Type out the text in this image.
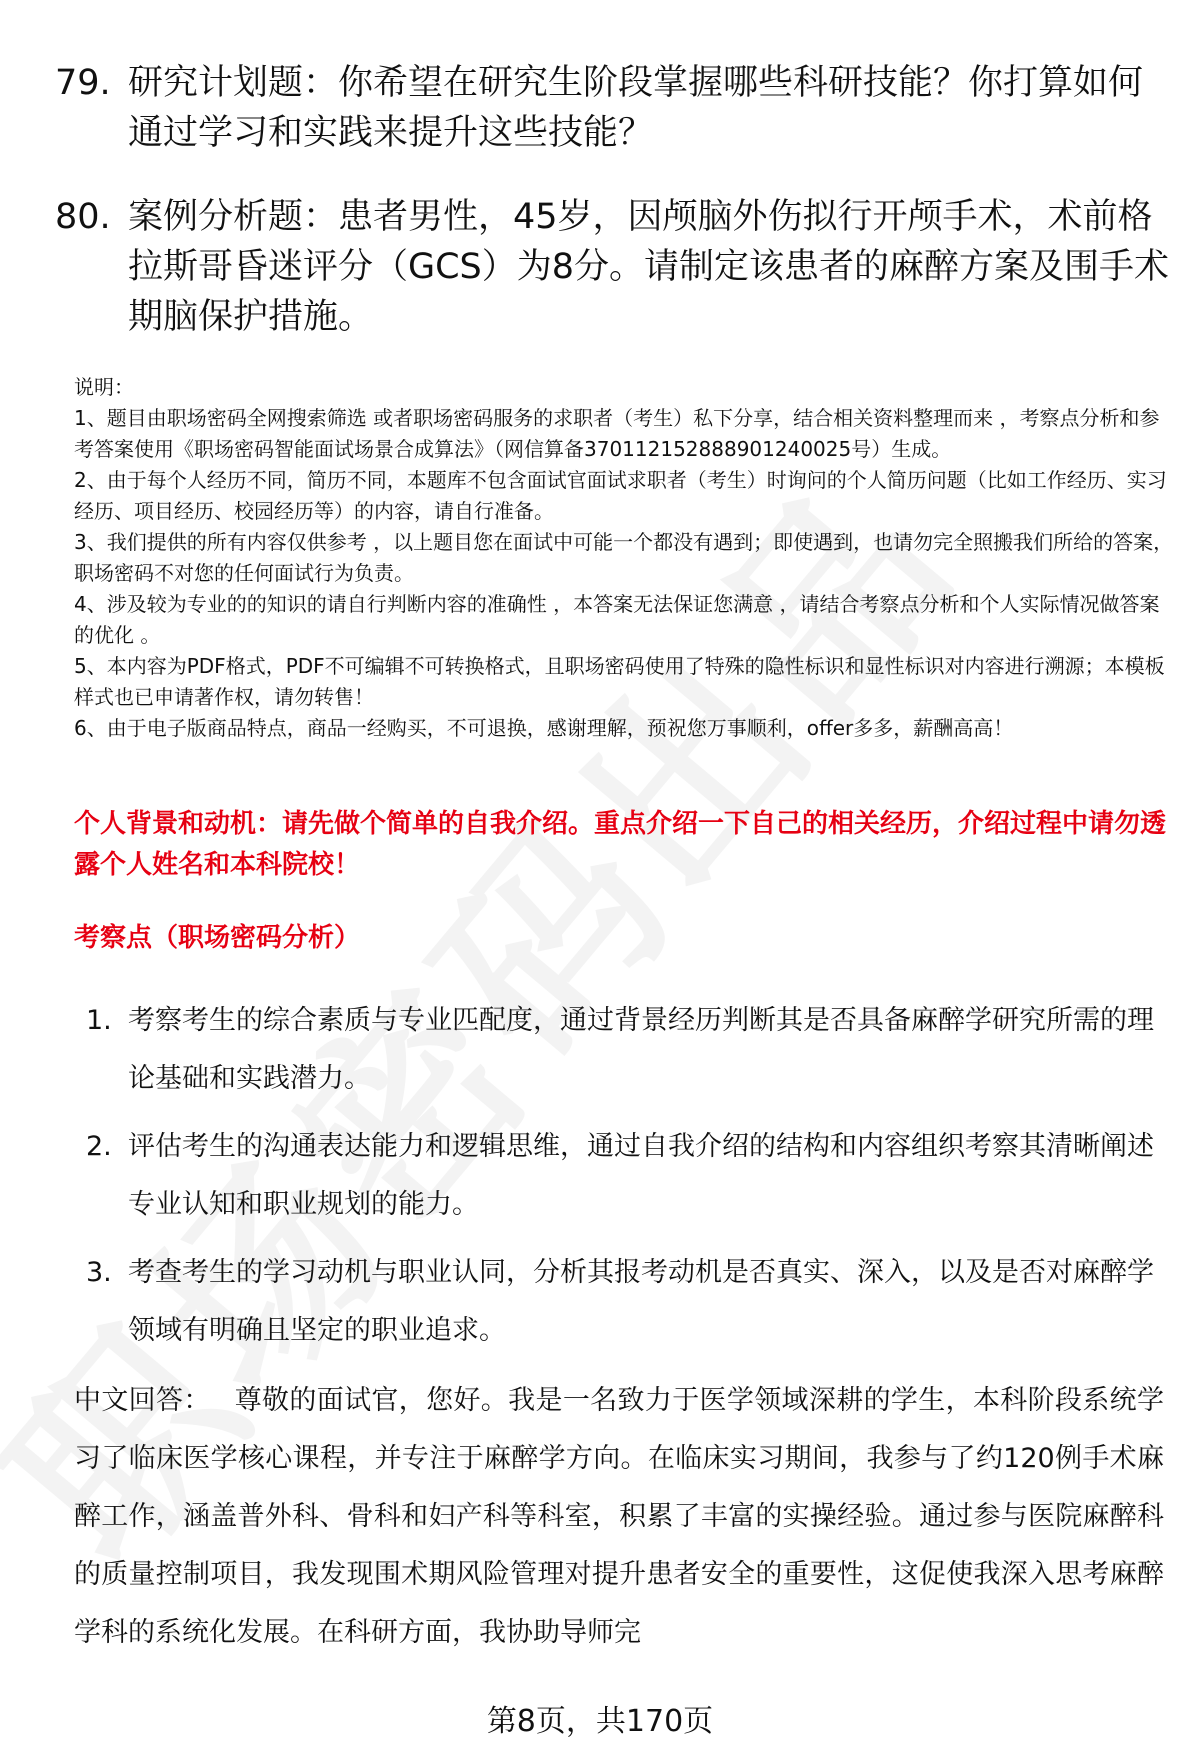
79. 研究计划题：你希望在研究生阶段掌握哪些科研技能？你打算如何通过学习和实践来提升这些技能？
80. 案例分析题：患者男性，45岁，因颅脑外伤拟行开颅手术，术前格拉斯哥昏迷评分（GCS）为8分。请制定该患者的麻醉方案及围手术期脑保护措施。

说明：

1、题目由职场密码全网搜索筛选 或者职场密码服务的求职者（考生）私下分享，结合相关资料整理而来 ，考察点分析和参考答案使用《职场密码智能面试场景合成算法》（网信算备370112152888901240025号）生成。

2、由于每个人经历不同，简历不同，本题库不包含面试官面试求职者（考生）时询问的个人简历问题（比如工作经历、实习经历、项目经历、校园经历等）的内容，请自行准备。

3、我们提供的所有内容仅供参考 ，以上题目您在面试中可能一个都没有遇到；即使遇到，也请勿完全照搬我们所给的答案，职场密码不对您的任何面试行为负责。

4、涉及较为专业的的知识的请自行判断内容的准确性 ，本答案无法保证您满意 ，请结合考察点分析和个人实际情况做答案的优化 。

5、本内容为PDF格式，PDF不可编辑不可转换格式，且职场密码使用了特殊的隐性标识和显性标识对内容进行溯源；本模板样式也已申请著作权，请勿转售！

6、由于电子版商品特点，商品一经购买，不可退换，感谢理解，预祝您万事顺利，offer多多，薪酬高高！

个人背景和动机：请先做个简单的自我介绍。重点介绍一下自己的相关经历，介绍过程中请勿透露个人姓名和本科院校！
考察点（职场密码分析）
1. 考察考生的综合素质与专业匹配度，通过背景经历判断其是否具备麻醉学研究所需的理论基础和实践潜力。
2. 评估考生的沟通表达能力和逻辑思维，通过自我介绍的结构和内容组织考察其清晰阐述专业认知和职业规划的能力。
3. 考查考生的学习动机与职业认同，分析其报考动机是否真实、深入，以及是否对麻醉学领域有明确且坚定的职业追求。
中文回答： 尊敬的面试官，您好。我是一名致力于医学领域深耕的学生，本科阶段系统学习了临床医学核心课程，并专注于麻醉学方向。在临床实习期间，我参与了约120例手术麻醉工作，涵盖普外科、骨科和妇产科等科室，积累了丰富的实操经验。通过参与医院麻醉科的质量控制项目，我发现围术期风险管理对提升患者安全的重要性，这促使我深入思考麻醉学科的系统化发展。在科研方面，我协助导师完
第8页，共170页
